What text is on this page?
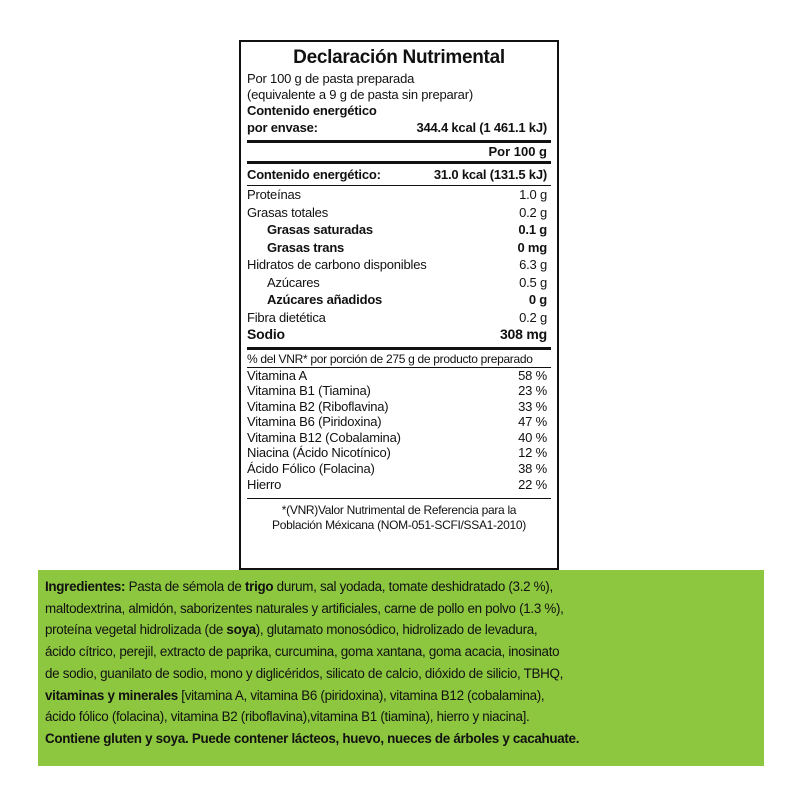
Declaración Nutrimental
Por 100 g de pasta preparada
(equivalente a 9 g de pasta sin preparar)
Contenido energético
por envase:	344.4 kcal (1 461.1 kJ)
Por 100 g
Contenido energético:	31.0 kcal (131.5 kJ)
Proteínas	1.0 g
Grasas totales	0.2 g
Grasas saturadas	0.1 g
Grasas trans	0 mg
Hidratos de carbono disponibles	6.3 g
Azúcares	0.5 g
Azúcares añadidos	0 g
Fibra dietética	0.2 g
Sodio	308 mg
% del VNR* por porción de 275 g de producto preparado
Vitamina A	58 %
Vitamina B1 (Tiamina)	23 %
Vitamina B2 (Riboflavina)	33 %
Vitamina B6 (Piridoxina)	47 %
Vitamina B12 (Cobalamina)	40 %
Niacina (Ácido Nicotínico)	12 %
Ácido Fólico (Folacina)	38 %
Hierro	22 %
*(VNR)Valor Nutrimental de Referencia para la
Población Méxicana (NOM-051-SCFI/SSA1-2010)
Ingredientes: Pasta de sémola de trigo durum, sal yodada, tomate deshidratado (3.2 %),
maltodextrina, almidón, saborizentes naturales y artificiales, carne de pollo en polvo (1.3 %),
proteína vegetal hidrolizada (de soya), glutamato monosódico, hidrolizado de levadura,
ácido cítrico, perejil, extracto de paprika, curcumina, goma xantana, goma acacia, inosinato
de sodio, guanilato de sodio, mono y diglicéridos, silicato de calcio, dióxido de silicio, TBHQ,
vitaminas y minerales [vitamina A, vitamina B6 (piridoxina), vitamina B12 (cobalamina),
ácido fólico (folacina), vitamina B2 (riboflavina),vitamina B1 (tiamina), hierro y niacina].
Contiene gluten y soya. Puede contener lácteos, huevo, nueces de árboles y cacahuate.
